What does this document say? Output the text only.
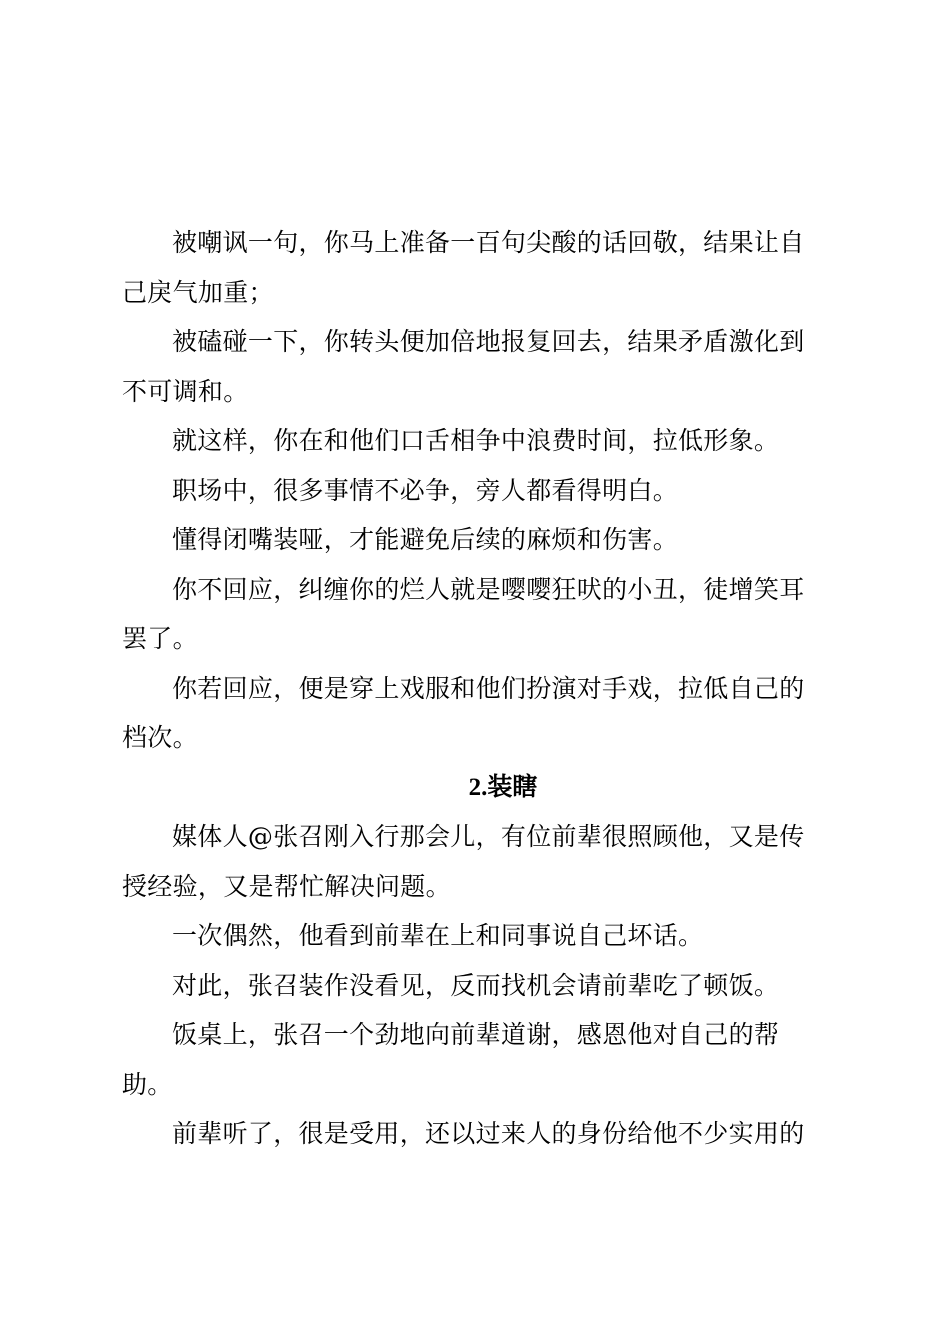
被嘲讽一句，你马上准备一百句尖酸的话回敬，结果让自己戾气加重；

被磕碰一下，你转头便加倍地报复回去，结果矛盾激化到不可调和。

就这样，你在和他们口舌相争中浪费时间，拉低形象。

职场中，很多事情不必争，旁人都看得明白。

懂得闭嘴装哑，才能避免后续的麻烦和伤害。

你不回应，纠缠你的烂人就是嘤嘤狂吠的小丑，徒增笑耳罢了。

你若回应，便是穿上戏服和他们扮演对手戏，拉低自己的档次。

2.装瞎

媒体人@张召刚入行那会儿，有位前辈很照顾他，又是传授经验，又是帮忙解决问题。

一次偶然，他看到前辈在上和同事说自己坏话。

对此，张召装作没看见，反而找机会请前辈吃了顿饭。

饭桌上，张召一个劲地向前辈道谢，感恩他对自己的帮助。

前辈听了，很是受用，还以过来人的身份给他不少实用的
